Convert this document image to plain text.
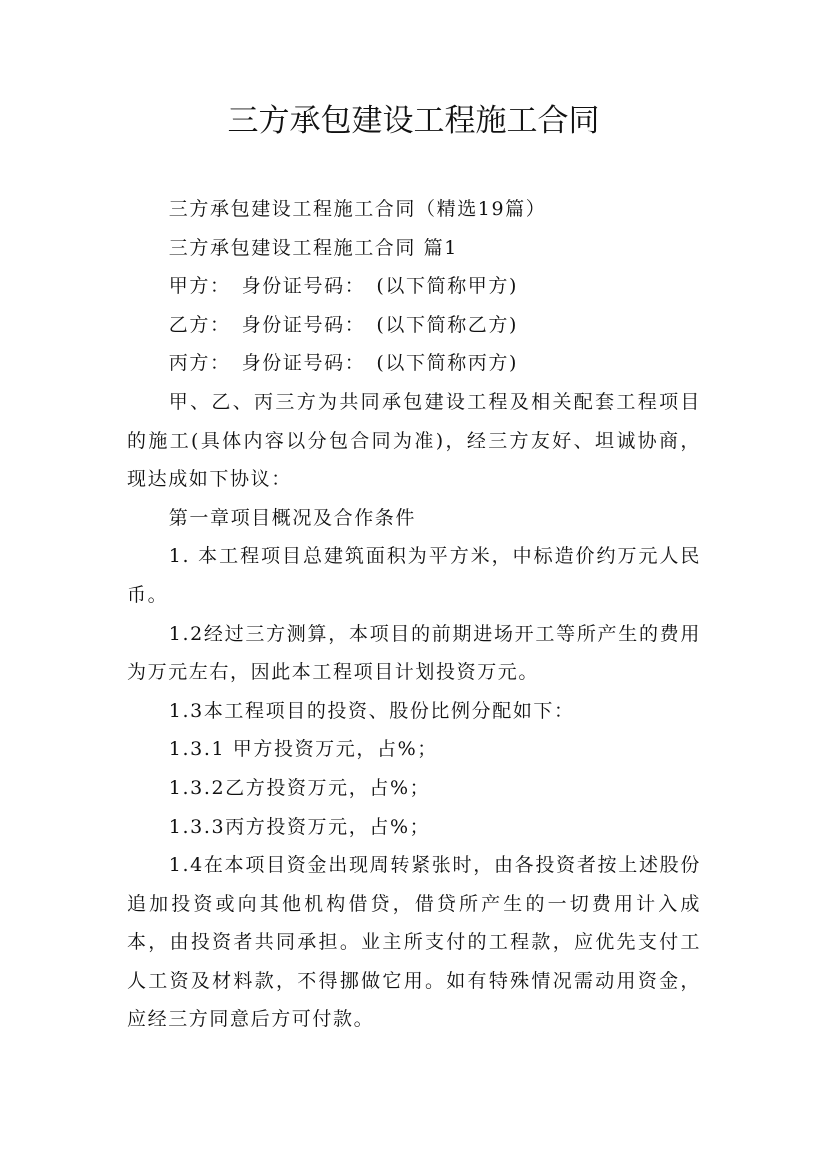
三方承包建设工程施工合同

三方承包建设工程施工合同（精选19篇）

三方承包建设工程施工合同 篇1

甲方：　身份证号码：　(以下简称甲方)

乙方：　身份证号码：　(以下简称乙方)

丙方：　身份证号码：　(以下简称丙方)

甲、乙、丙三方为共同承包建设工程及相关配套工程项目的施工(具体内容以分包合同为准)，经三方友好、坦诚协商，现达成如下协议：

第一章项目概况及合作条件

1. 本工程项目总建筑面积为平方米，中标造价约万元人民币。

1.2经过三方测算，本项目的前期进场开工等所产生的费用为万元左右，因此本工程项目计划投资万元。

1.3本工程项目的投资、股份比例分配如下：

1.3.1 甲方投资万元，占%；

1.3.2乙方投资万元，占%；

1.3.3丙方投资万元，占%；

1.4在本项目资金出现周转紧张时，由各投资者按上述股份追加投资或向其他机构借贷，借贷所产生的一切费用计入成本，由投资者共同承担。业主所支付的工程款，应优先支付工人工资及材料款，不得挪做它用。如有特殊情况需动用资金，应经三方同意后方可付款。
